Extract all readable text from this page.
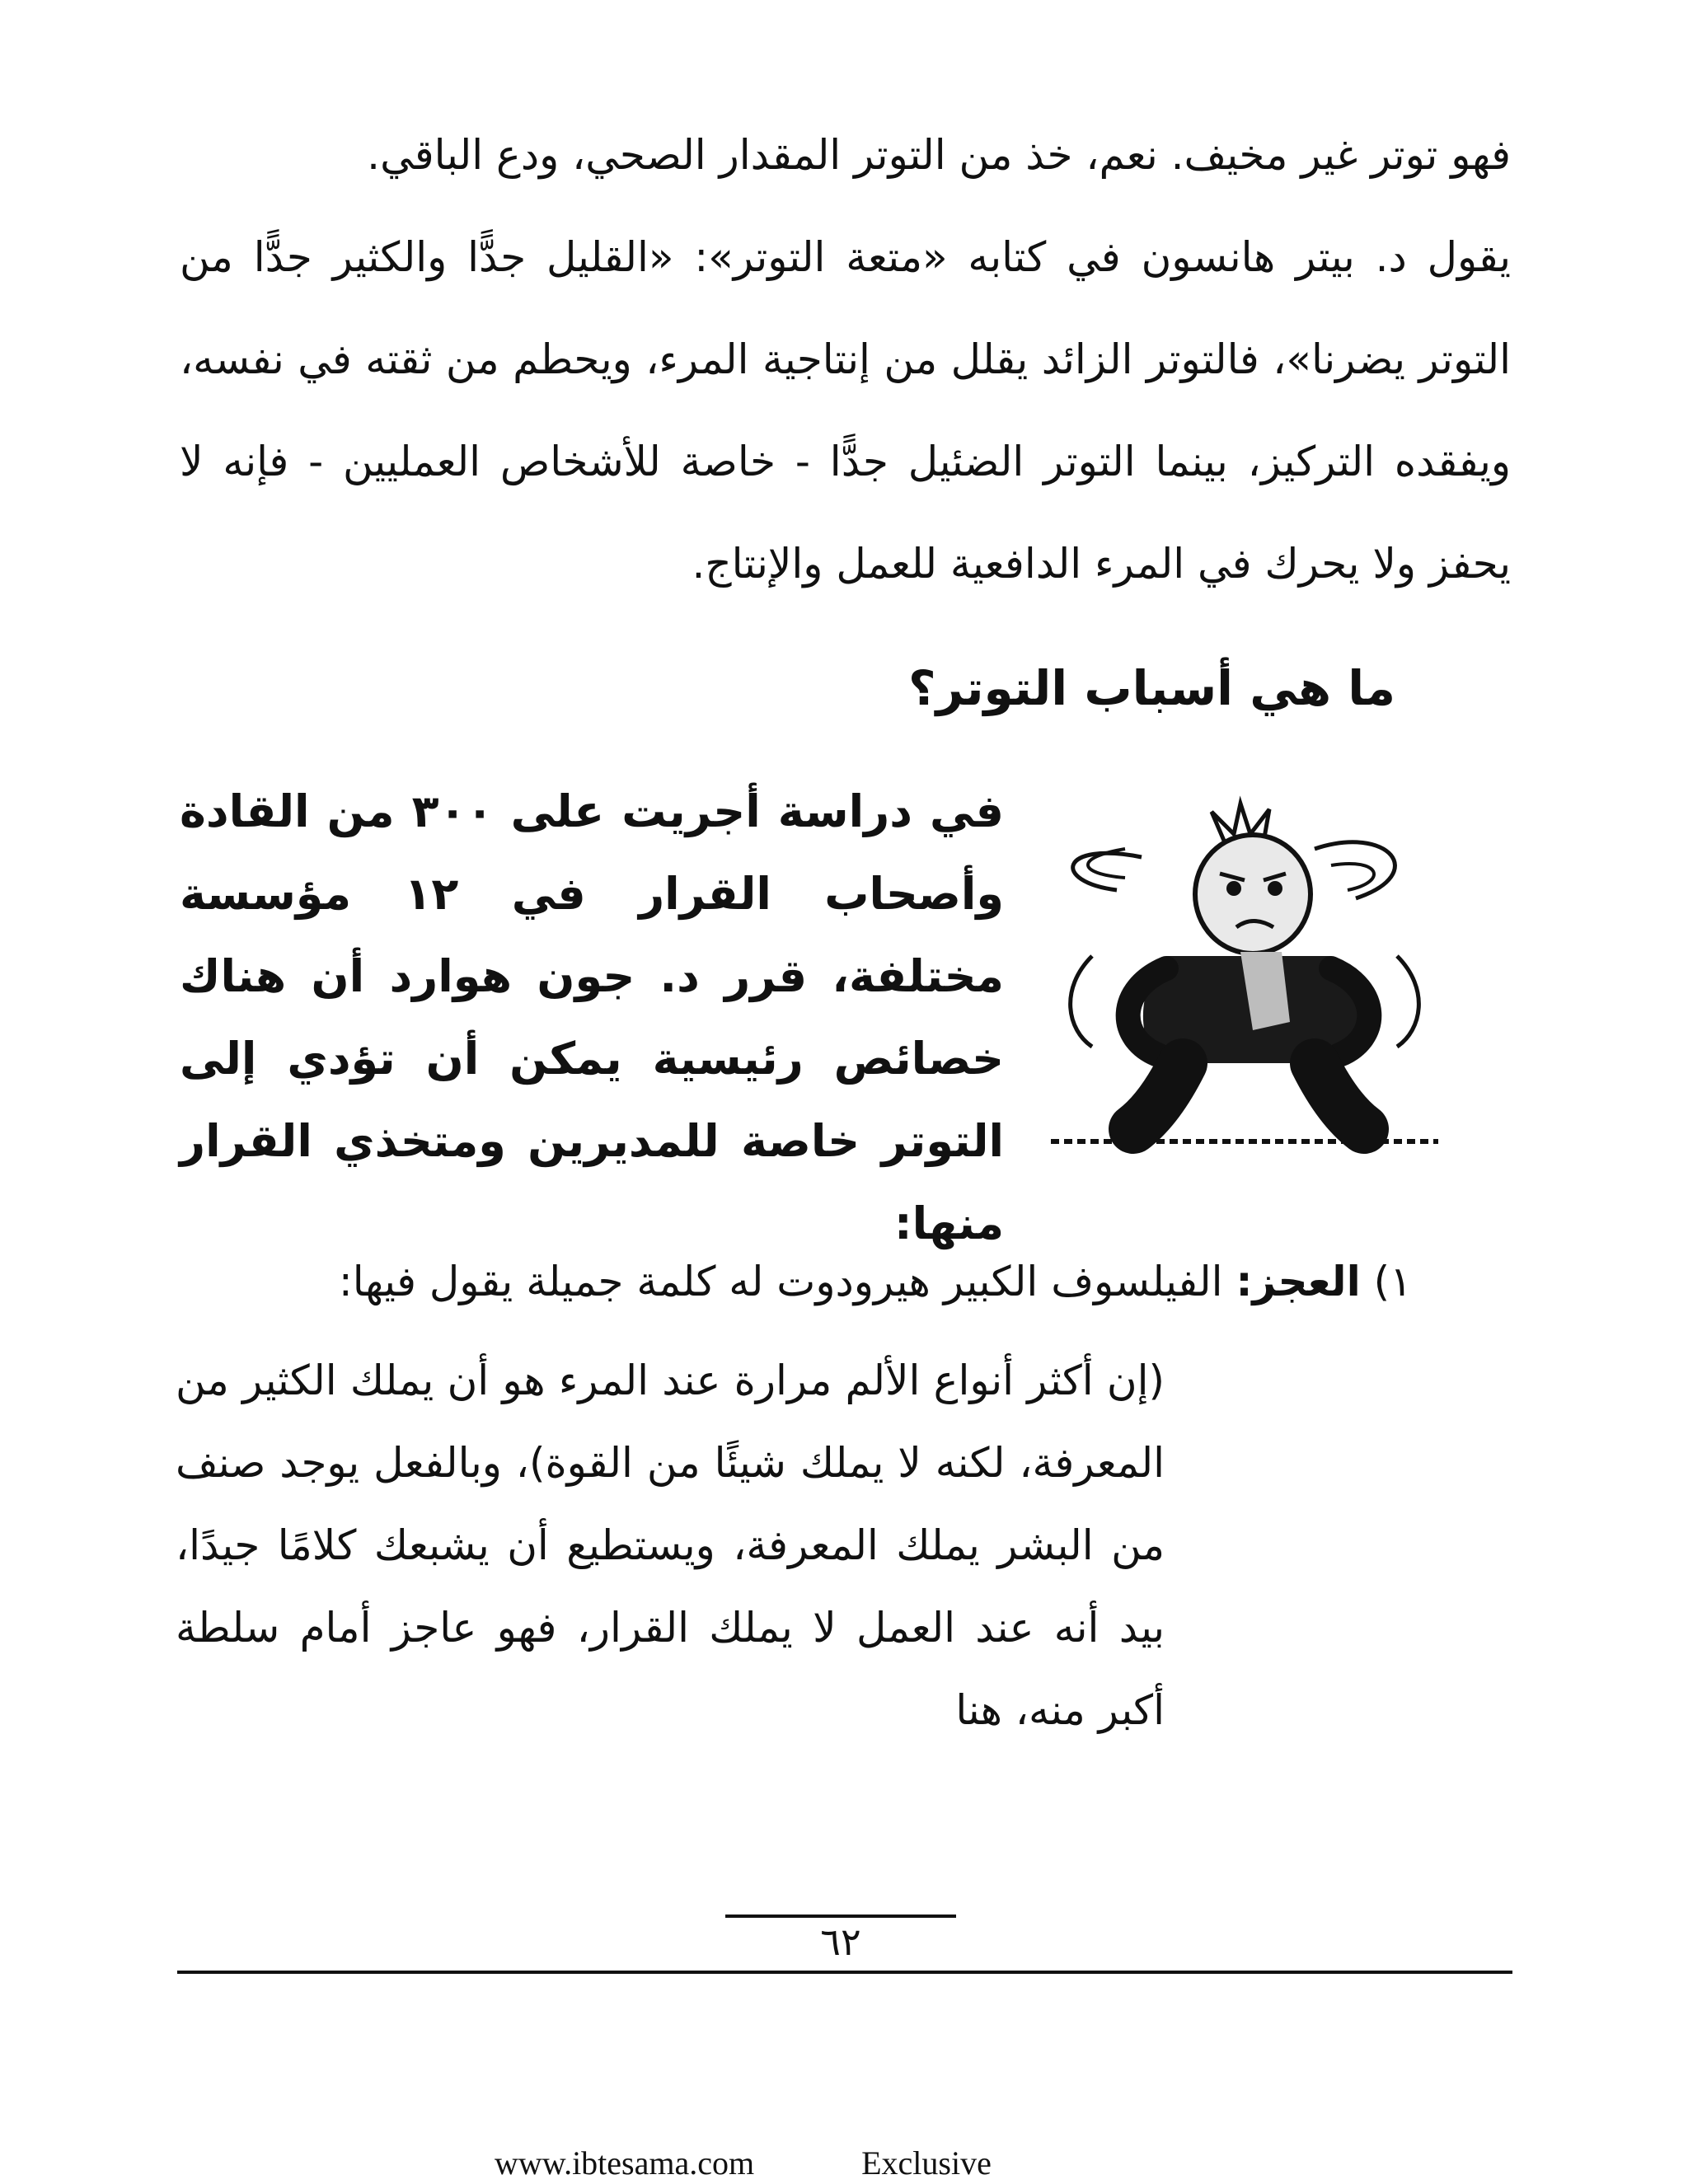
فهو توتر غير مخيف. نعم، خذ من التوتر المقدار الصحي، ودع الباقي.

يقول د. بيتر هانسون في كتابه «متعة التوتر»: «القليل جدًّا والكثير جدًّا من التوتر يضرنا»، فالتوتر الزائد يقلل من إنتاجية المرء، ويحطم من ثقته في نفسه، ويفقده التركيز، بينما التوتر الضئيل جدًّا - خاصة للأشخاص العمليين - فإنه لا يحفز ولا يحرك في المرء الدافعية للعمل والإنتاج.

ما هي أسباب التوتر؟

في دراسة أجريت على ٣٠٠ من القادة وأصحاب القرار في ١٢ مؤسسة مختلفة، قرر د. جون هوارد أن هناك خصائص رئيسية يمكن أن تؤدي إلى التوتر خاصة للمديرين ومتخذي القرار منها:

١) العجز: الفيلسوف الكبير هيرودوت له كلمة جميلة يقول فيها:

(إن أكثر أنواع الألم مرارة عند المرء هو أن يملك الكثير من المعرفة، لكنه لا يملك شيئًا من القوة)، وبالفعل يوجد صنف من البشر يملك المعرفة، ويستطيع أن يشبعك كلامًا جيدًا، بيد أنه عند العمل لا يملك القرار، فهو عاجز أمام سلطة أكبر منه، هنا

٦٢

www.ibtesama.com	Exclusive
